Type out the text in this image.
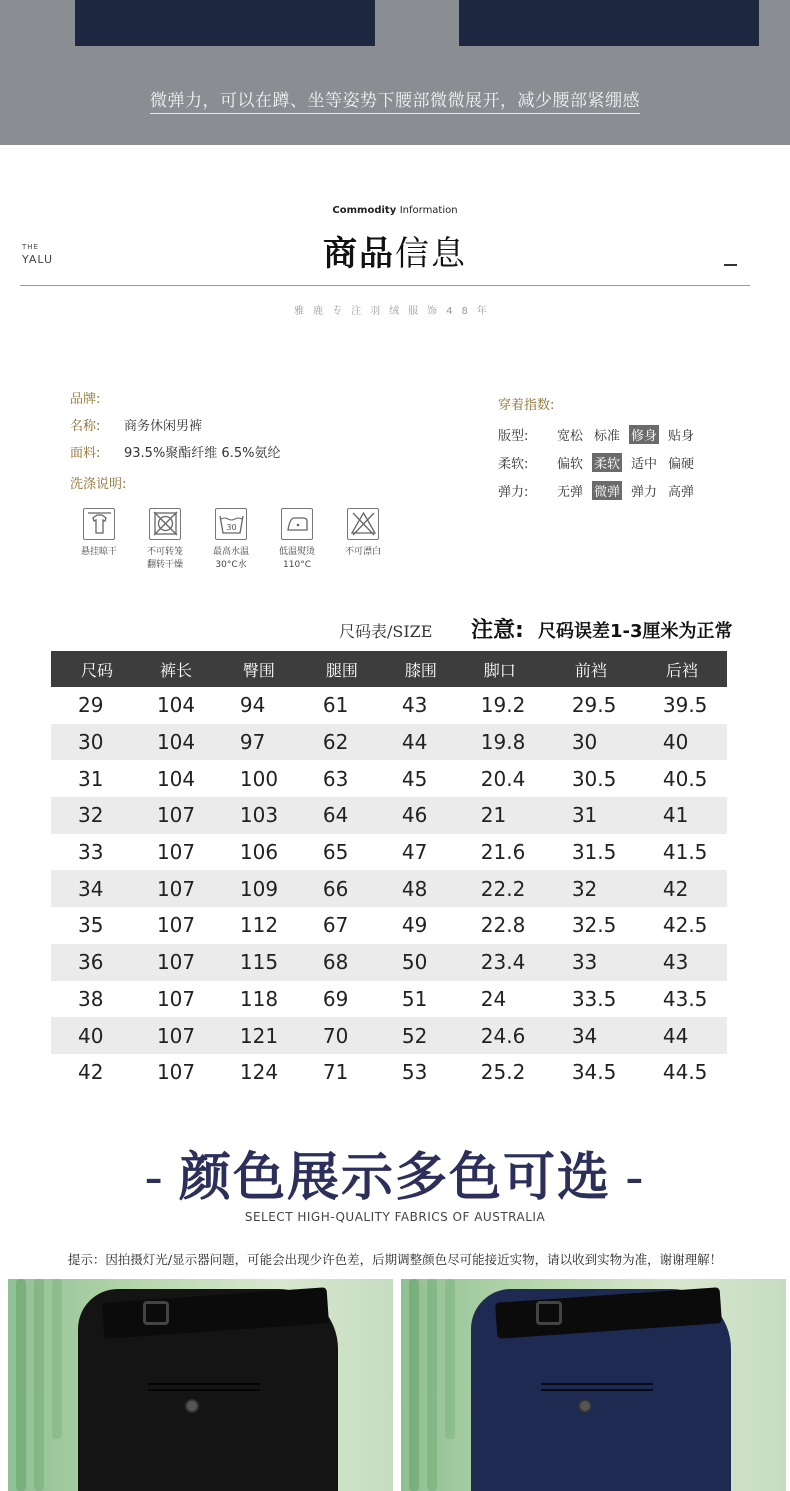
微弹力，可以在蹲、坐等姿势下腰部微微展开，减少腰部紧绷感
Commodity Information
商品信息
THE
YALU
雅鹿专注羽绒服饰48年
品牌:
名称:	商务休闲男裤
面料:	93.5%聚酯纤维 6.5%氨纶
洗涤说明:
悬挂晾干	不可转笼
翻转干燥
30
最高水温
30°C水
低温熨烫
110°C
不可漂白

穿着指数:
版型:	宽松 标准 修身 贴身
柔软:	偏软 柔软 适中 偏硬
弹力:	无弹 微弹 弹力 高弹
尺码表/SIZE 注意: 尺码误差1-3厘米为正常
尺码	裤长	臀围	腿围	膝围	脚口	前裆	后裆
29	104	94	61	43	19.2	29.5	39.5
30	104	97	62	44	19.8	30	40
31	104	100	63	45	20.4	30.5	40.5
32	107	103	64	46	21	31	41
33	107	106	65	47	21.6	31.5	41.5
34	107	109	66	48	22.2	32	42
35	107	112	67	49	22.8	32.5	42.5
36	107	115	68	50	23.4	33	43
38	107	118	69	51	24	33.5	43.5
40	107	121	70	52	24.6	34	44
42	107	124	71	53	25.2	34.5	44.5
- 颜色展示多色可选 -
SELECT HIGH-QUALITY FABRICS OF AUSTRALIA
提示：因拍摄灯光/显示器问题，可能会出现少许色差，后期调整颜色尽可能接近实物，请以收到实物为准，谢谢理解！
